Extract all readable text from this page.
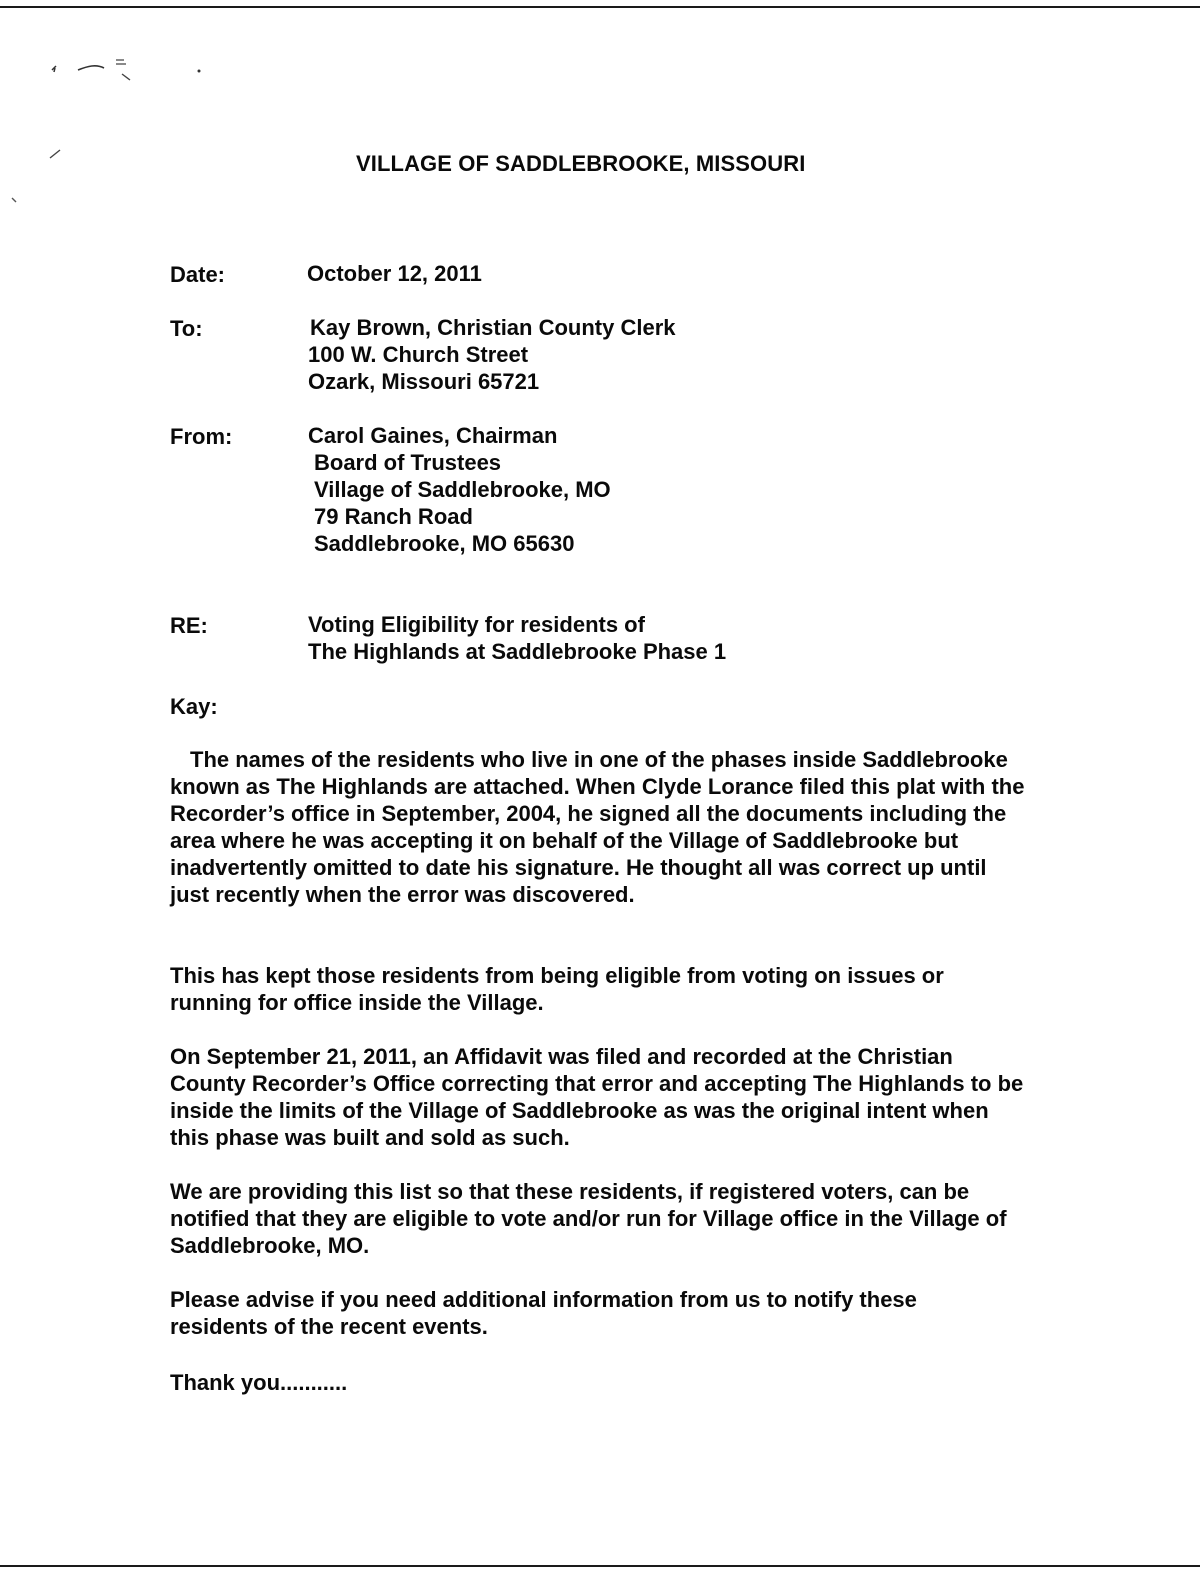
VILLAGE OF SADDLEBROOKE, MISSOURI
Date:	October 12, 2011
To:	Kay Brown, Christian County Clerk
100 W. Church Street
Ozark, Missouri 65721
From:	Carol Gaines, Chairman
Board of Trustees
Village of Saddlebrooke, MO
79 Ranch Road
Saddlebrooke, MO 65630
RE:	Voting Eligibility for residents of
The Highlands at Saddlebrooke Phase 1
Kay:

The names of the residents who live in one of the phases inside Saddlebrooke known as The Highlands are attached. When Clyde Lorance filed this plat with the Recorder’s office in September, 2004, he signed all the documents including the area where he was accepting it on behalf of the Village of Saddlebrooke but inadvertently omitted to date his signature. He thought all was correct up until just recently when the error was discovered.

This has kept those residents from being eligible from voting on issues or running for office inside the Village.

On September 21, 2011, an Affidavit was filed and recorded at the Christian County Recorder’s Office correcting that error and accepting The Highlands to be inside the limits of the Village of Saddlebrooke as was the original intent when this phase was built and sold as such.

We are providing this list so that these residents, if registered voters, can be notified that they are eligible to vote and/or run for Village office in the Village of Saddlebrooke, MO.

Please advise if you need additional information from us to notify these residents of the recent events.

Thank you...........
